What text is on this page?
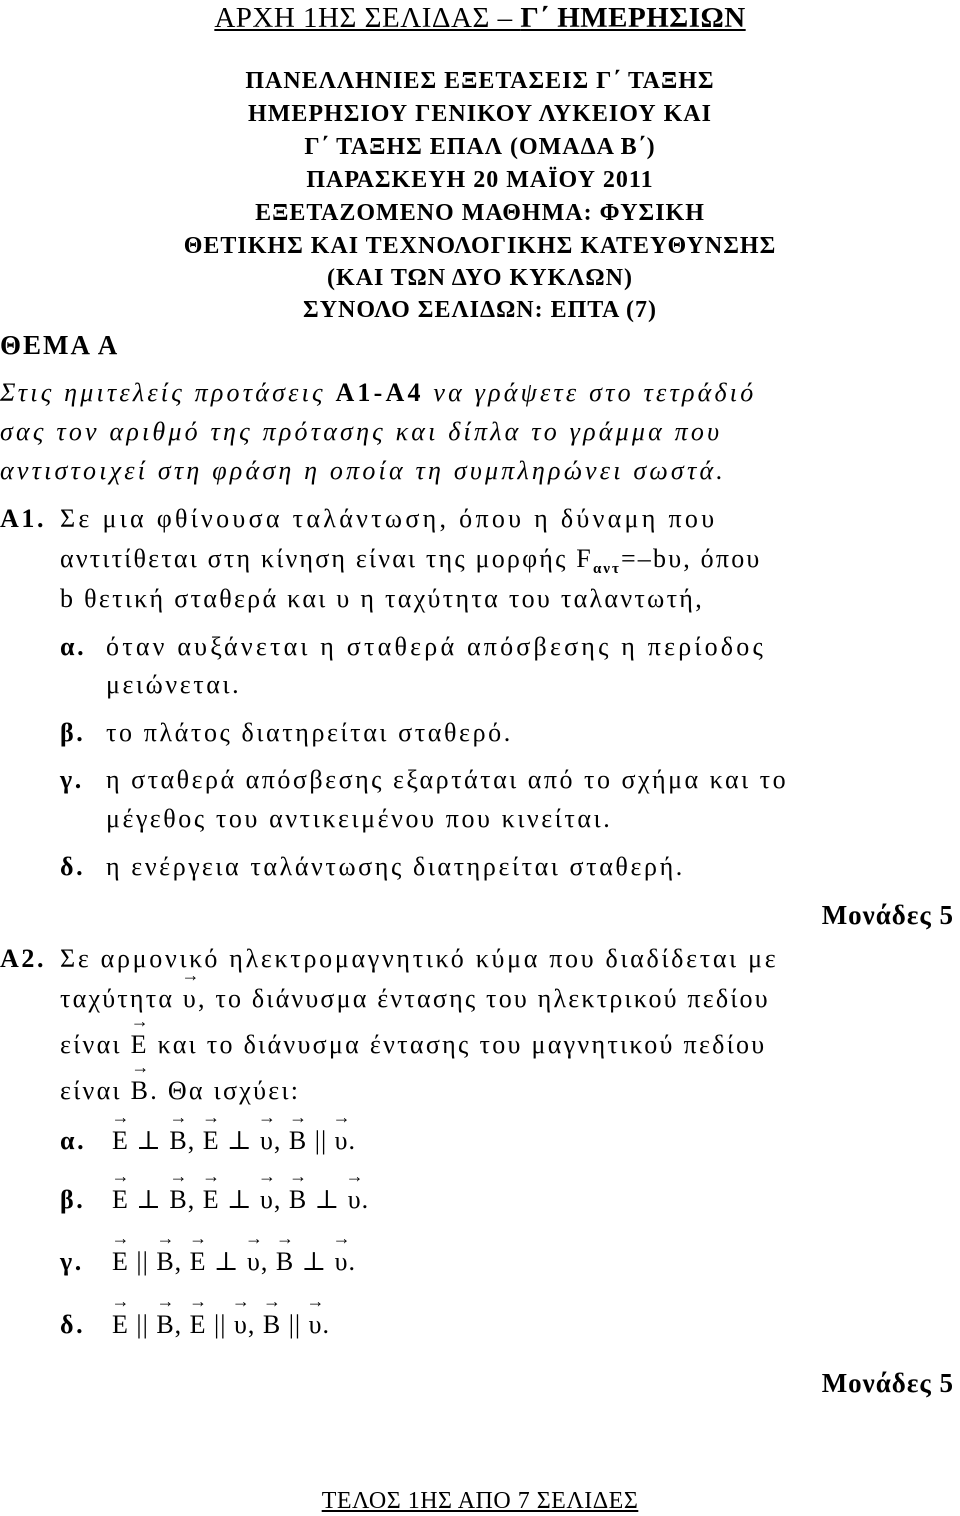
ΑΡΧΗ 1ΗΣ ΣΕΛΙΔΑΣ – Γ΄ ΗΜΕΡΗΣΙΩΝ
ΠΑΝΕΛΛΗΝΙΕΣ ΕΞΕΤΑΣΕΙΣ Γ΄ ΤΑΞΗΣ
ΗΜΕΡΗΣΙΟΥ ΓΕΝΙΚΟΥ ΛΥΚΕΙΟΥ ΚΑΙ
Γ΄ ΤΑΞΗΣ ΕΠΑΛ (ΟΜΑΔΑ Β΄)
ΠΑΡΑΣΚΕΥΗ 20 ΜΑΪΟΥ 2011
ΕΞΕΤΑΖΟΜΕΝΟ ΜΑΘΗΜΑ: ΦΥΣΙΚΗ
ΘΕΤΙΚΗΣ ΚΑΙ ΤΕΧΝΟΛΟΓΙΚΗΣ ΚΑΤΕΥΘΥΝΣΗΣ
(ΚΑΙ ΤΩΝ ΔΥΟ ΚΥΚΛΩΝ)
ΣΥΝΟΛΟ ΣΕΛΙΔΩΝ: ΕΠΤΑ (7)
ΘΕΜΑ Α
Στις ημιτελείς προτάσεις Α1-Α4 να γράψετε στο τετράδιό
σας τον αριθμό της πρότασης και δίπλα το γράμμα που
αντιστοιχεί στη φράση η οποία τη συμπληρώνει σωστά.
Α1. Σε μια φθίνουσα ταλάντωση, όπου η δύναμη που
αντιτίθεται στη κίνηση είναι της μορφής $F_{\alpha\nu\tau}=-b\upsilon$, όπου
b θετική σταθερά και υ η ταχύτητα του ταλαντωτή,
α. όταν αυξάνεται η σταθερά απόσβεσης η περίοδος
μειώνεται.
β. το πλάτος διατηρείται σταθερό.
γ. η σταθερά απόσβεσης εξαρτάται από το σχήμα και το
μέγεθος του αντικειμένου που κινείται.
δ. η ενέργεια ταλάντωσης διατηρείται σταθερή.
Μονάδες 5
Α2. Σε αρμονικό ηλεκτρομαγνητικό κύμα που διαδίδεται με
ταχύτητα → υ, το διάνυσμα έντασης του ηλεκτρικού πεδίου
είναι → E και το διάνυσμα έντασης του μαγνητικού πεδίου
είναι → B. Θα ισχύει:
α. → E ⊥ → B, → E ⊥ → υ, → B || → υ.
β. → E ⊥ → B, → E ⊥ → υ, → B ⊥ → υ.
γ. → E || → B, → E ⊥ → υ, → B ⊥ → υ.
δ. → E || → B, → E || → υ, → B || → υ.
Μονάδες 5
ΤΕΛΟΣ 1ΗΣ ΑΠΟ 7 ΣΕΛΙΔΕΣ
